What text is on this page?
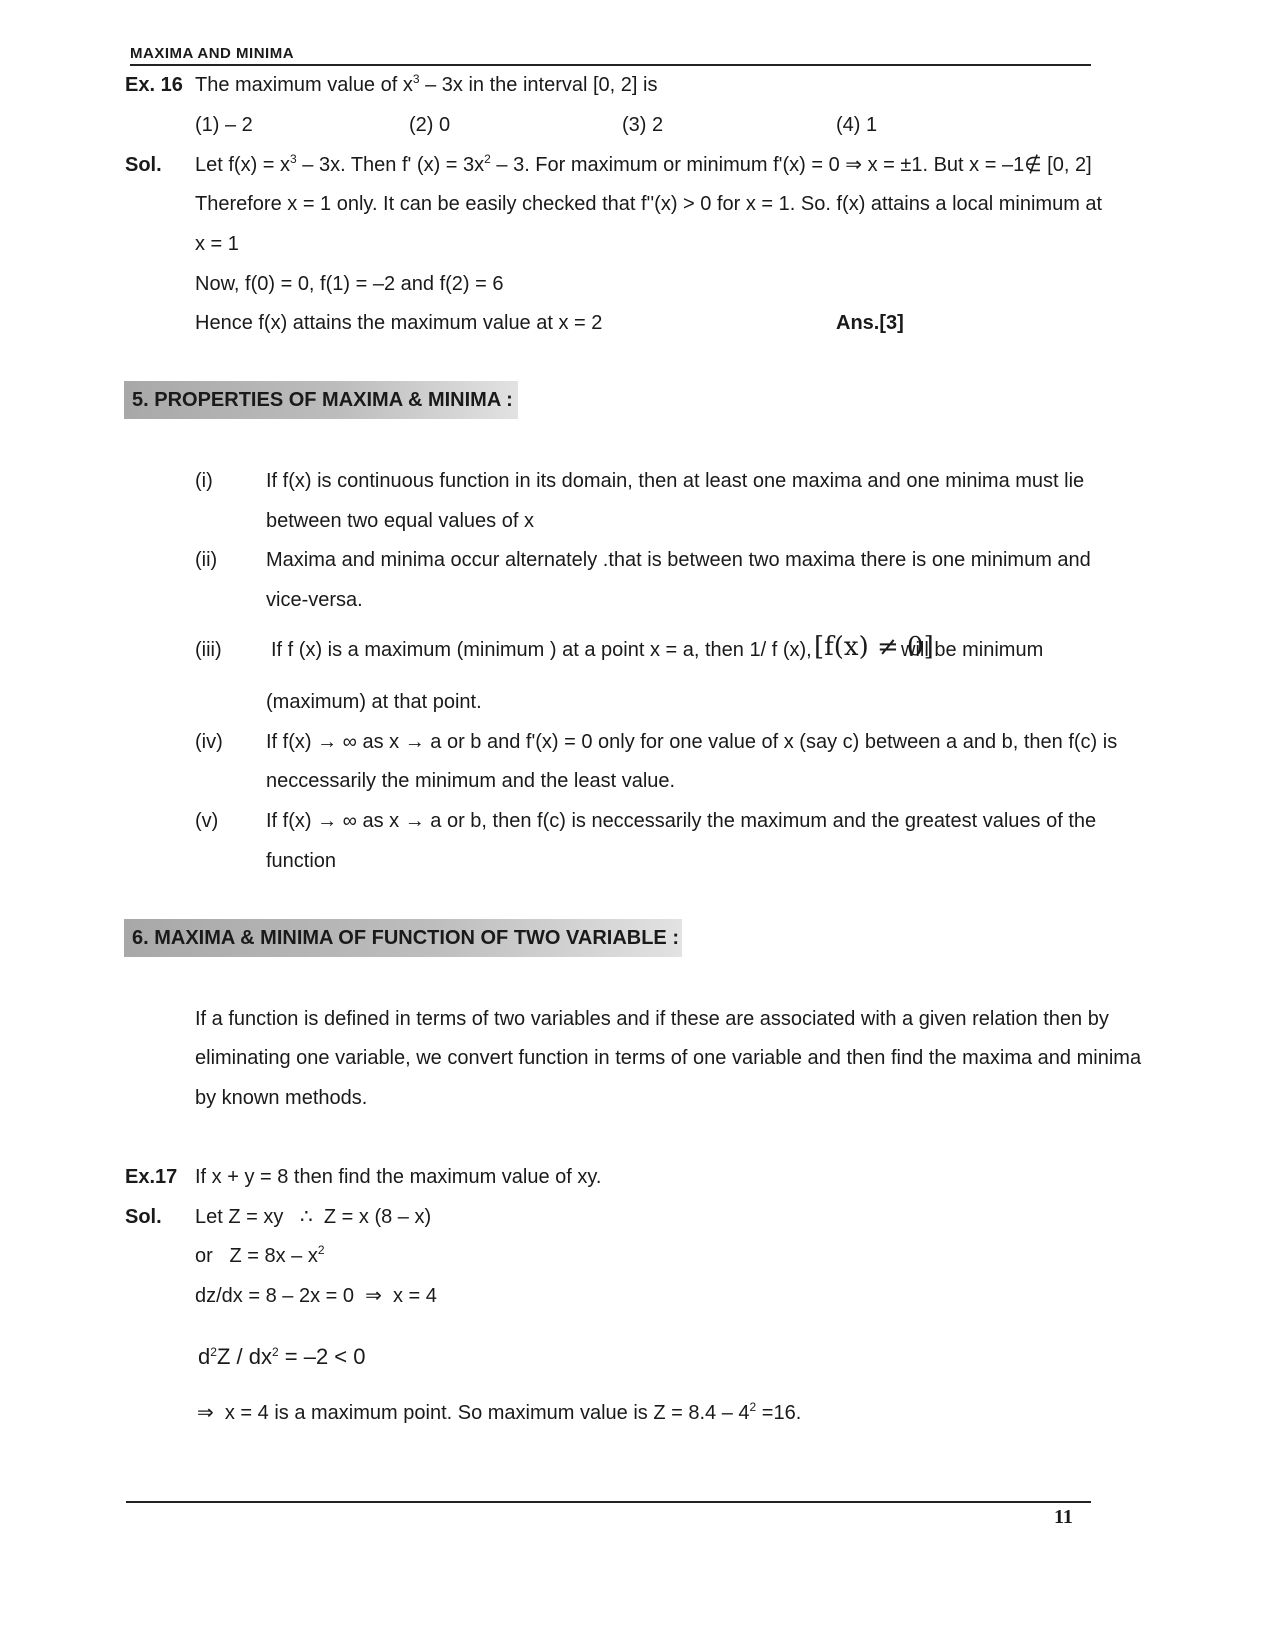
MAXIMA AND MINIMA
Ex. 16 The maximum value of $x^3 - 3x$ in the interval [0, 2] is
(1) – 2	(2) 0	(3) 2	(4) 1
Sol. Let $f(x) = x^3 - 3x$. Then f' $(x) = 3x^2 - 3$. For maximum or minimum f'(x) = 0 ⇒ x = ±1. But x = –1∉ [0, 2]
Therefore x = 1 only. It can be easily checked that f''(x) > 0 for x = 1. So. f(x) attains a local minimum at
x = 1
Now, f(0) = 0, f(1) = –2 and f(2) = 6
Hence f(x) attains the maximum value at x = 2	Ans.[3]
5. PROPERTIES OF MAXIMA & MINIMA :
(i)	If f(x) is continuous function in its domain, then at least one maxima and one minima must lie
between two equal values of x
(ii) Maxima and minima occur alternately .that is between two maxima there is one minimum and
vice-versa.
(iii) If f (x) is a maximum (minimum ) at a point x = a, then 1/ f (x), [f(x) ≠ 0]
will be minimum
(maximum) at that point.
(iv) If f(x) → ∞ as x → a or b and f'(x) = 0 only for one value of x (say c) between a and b, then f(c) is
neccessarily the minimum and the least value.
(v) If f(x) → ∞ as x → a or b, then f(c) is neccessarily the maximum and the greatest values of the
function
6. MAXIMA & MINIMA OF FUNCTION OF TWO VARIABLE :
If a function is defined in terms of two variables and if these are associated with a given relation then by
eliminating one variable, we convert function in terms of one variable and then find the maxima and minima
by known methods.
Ex.17 If x + y = 8 then find the maximum value of xy.
Sol. Let Z = xy   ∴  Z = x (8 – x)
or   $Z = 8x - x^2$
dz/dx = 8 – 2x = 0  ⇒  x = 4
$d^2Z / dx^2 = -2 < 0$
⇒  x = 4 is a maximum point. So maximum value is $Z = 8.4 - 4^2 =16$.
11
